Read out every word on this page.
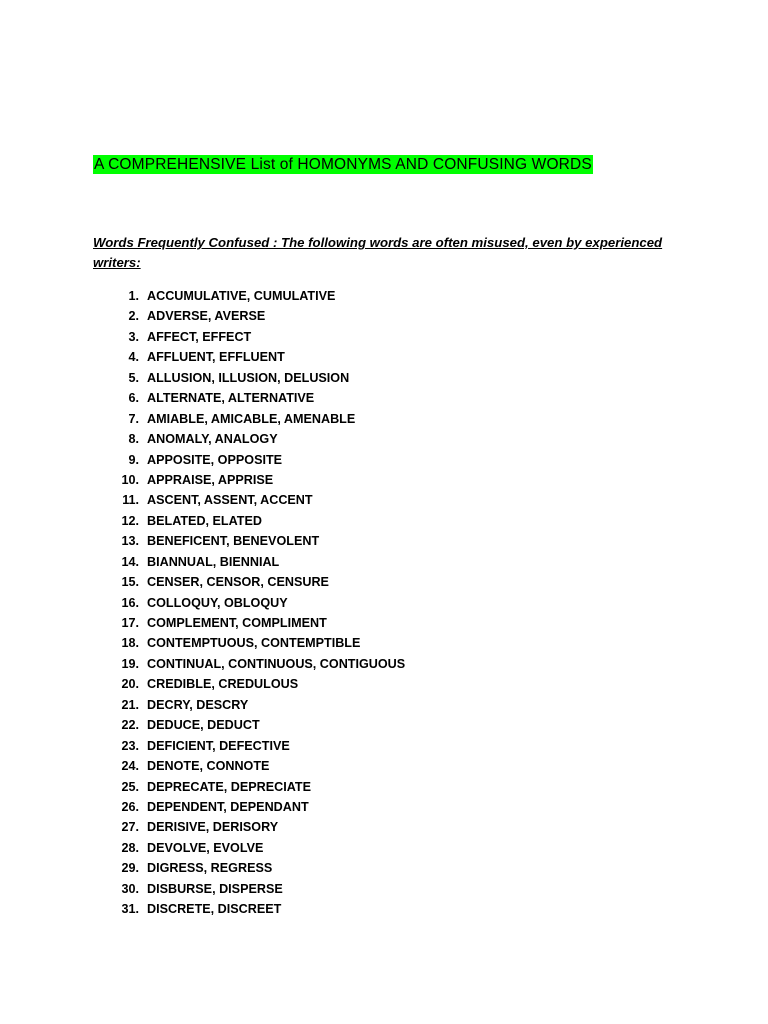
A COMPREHENSIVE List of HOMONYMS AND CONFUSING WORDS

Words Frequently Confused : The following words are often misused, even by experienced writers:

1. ACCUMULATIVE, CUMULATIVE
2. ADVERSE, AVERSE
3. AFFECT, EFFECT
4. AFFLUENT, EFFLUENT
5. ALLUSION, ILLUSION, DELUSION
6. ALTERNATE, ALTERNATIVE
7. AMIABLE, AMICABLE, AMENABLE
8. ANOMALY, ANALOGY
9. APPOSITE, OPPOSITE
10. APPRAISE, APPRISE
11. ASCENT, ASSENT, ACCENT
12. BELATED, ELATED
13. BENEFICENT, BENEVOLENT
14. BIANNUAL, BIENNIAL
15. CENSER, CENSOR, CENSURE
16. COLLOQUY, OBLOQUY
17. COMPLEMENT, COMPLIMENT
18. CONTEMPTUOUS, CONTEMPTIBLE
19. CONTINUAL, CONTINUOUS, CONTIGUOUS
20. CREDIBLE, CREDULOUS
21. DECRY, DESCRY
22. DEDUCE, DEDUCT
23. DEFICIENT, DEFECTIVE
24. DENOTE, CONNOTE
25. DEPRECATE, DEPRECIATE
26. DEPENDENT, DEPENDANT
27. DERISIVE, DERISORY
28. DEVOLVE, EVOLVE
29. DIGRESS, REGRESS
30. DISBURSE, DISPERSE
31. DISCRETE, DISCREET
